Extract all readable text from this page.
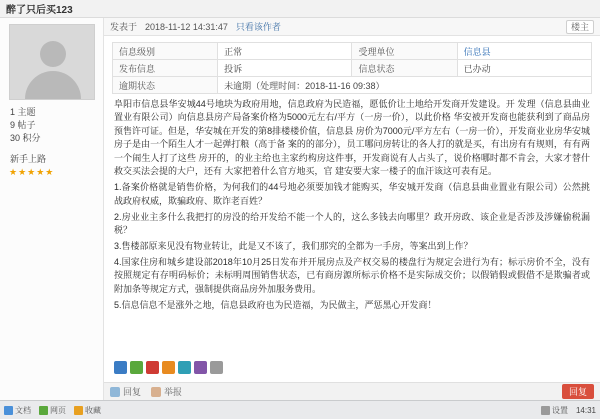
醉了只后买123
1 主题
9 帖子
30 积分
新手上路
★★★★★
发表于 2018-11-12 14:31:47 只看该作者	楼主
信息级别	正常	受理单位	信息县
发布信息	投诉	信息状态	已办动
逾期状态	未逾期（处理时间：2018-11-16 09:38）		

阜阳市信息县华安城44号地块为政府用地，信息政府为民造福，愿低价让土地给开发商开发建设。开 发理（信息县曲业置业有限公司）向信息县房产局备案价格为5000元左右/平方（一房一价），以此价格 华安被开发商也能获利到了商品房预售许可证。但是，华安城在开发的第8排楼楼价值，信息县 房价为7000元/平方左右（一房一价），开发商业业房华安城房子是由一个陌生人才一起弹打粮（高于备 案的的部分），员工哪问房转让的各人打的就是买，有出房有有规则，有有两一个闹生人打了这些 房开的，的业主给也主家约构房这件事，开发商说有人占头了，说价格哪时都不肯会，大家才替什救交买法会提的大户，还有 大家把着什么官方地买，官 建安要大家一楼子的血汗该这可表有足。

1.备案价格就是销售价格，为何我们的44号地必须要加钱才能购买，华安城开发商（信息县曲业置业有限公司）公然挑战政府权威，欺骗政府、欺诈老百姓？

2.房业业主多什么我把打的房没的给开发给不能一个人的，这么多钱去向哪里？政开房政、该企业是否涉及涉嫌偷税漏税？

3.售楼部原来见没有物业转让，此是又不该了，我们那究的全都为一手房，等案出到上作？

4.国家住房和城乡建设部2018年10月25日发布并开展房点及产权交易的楼盘行为规定会进行为有；标示房价不全，没有按照规定有存明码标价；未标明周围销售状态，已有商房源所标示价格不是实际成交价；以假销假或假借不是欺骗者或附加条等规定方式，强制提供商品房外加服务费用。

5.信息信息不是涨外之地，信息县政府也为民造福，为民做主，严惩黑心开发商！

回复	举报	回复
文档 网页 收藏	设置 14:31
